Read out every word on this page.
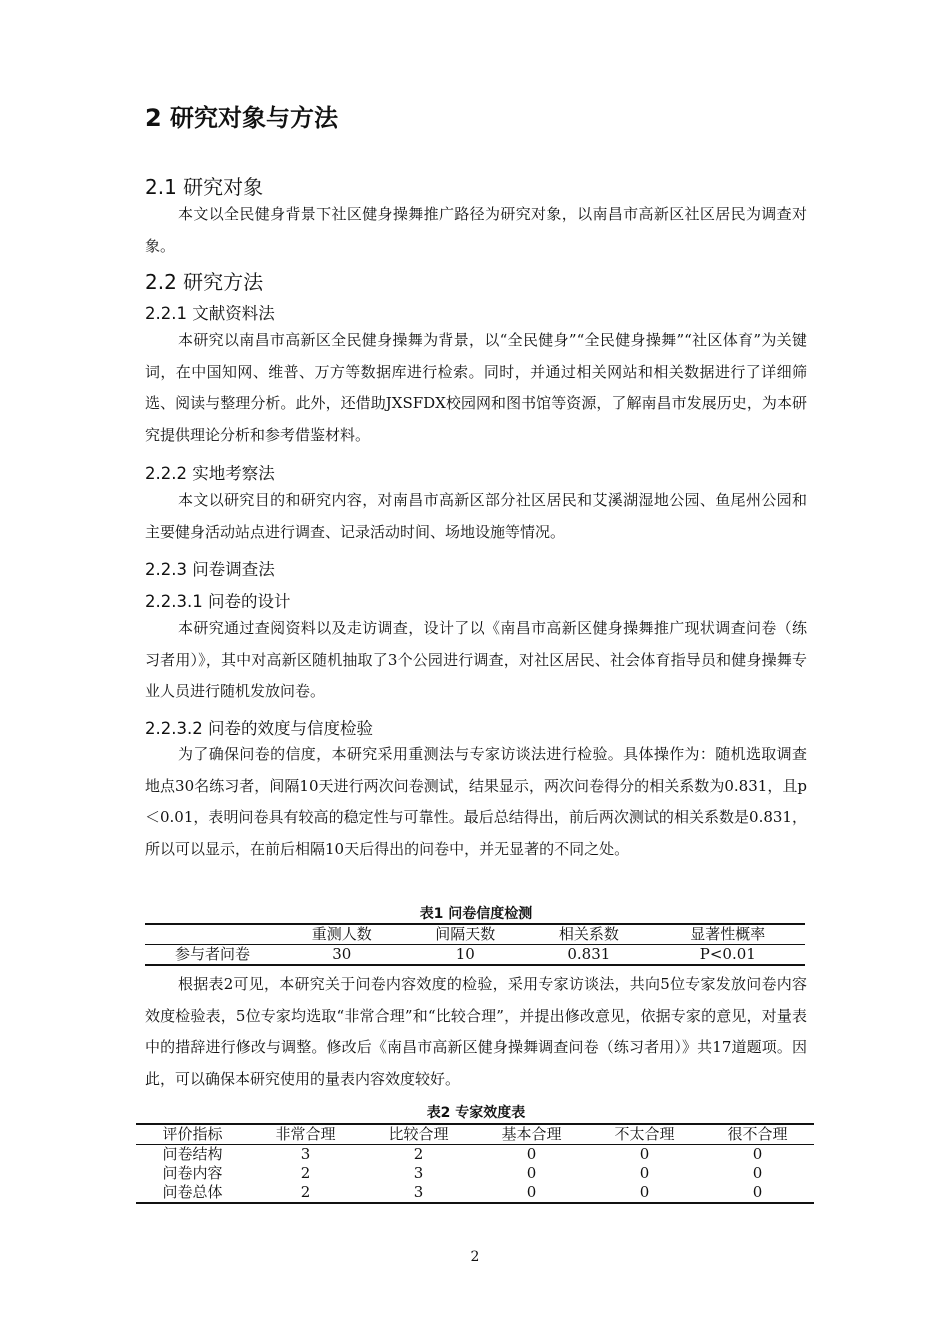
2 研究对象与方法
2.1 研究对象

本文以全民健身背景下社区健身操舞推广路径为研究对象，以南昌市高新区社区居民为调查对象。

2.2 研究方法
2.2.1 文献资料法

本研究以南昌市高新区全民健身操舞为背景，以“全民健身”“全民健身操舞”“社区体育”为关键词，在中国知网、维普、万方等数据库进行检索。同时，并通过相关网站和相关数据进行了详细筛选、阅读与整理分析。此外，还借助JXSFDX校园网和图书馆等资源，了解南昌市发展历史，为本研究提供理论分析和参考借鉴材料。

2.2.2 实地考察法

本文以研究目的和研究内容，对南昌市高新区部分社区居民和艾溪湖湿地公园、鱼尾州公园和主要健身活动站点进行调查、记录活动时间、场地设施等情况。

2.2.3 问卷调查法
2.2.3.1 问卷的设计

本研究通过查阅资料以及走访调查，设计了以《南昌市高新区健身操舞推广现状调查问卷（练习者用）》，其中对高新区随机抽取了3个公园进行调查，对社区居民、社会体育指导员和健身操舞专业人员进行随机发放问卷。

2.2.3.2 问卷的效度与信度检验

为了确保问卷的信度，本研究采用重测法与专家访谈法进行检验。具体操作为：随机选取调查地点30名练习者，间隔10天进行两次问卷测试，结果显示，两次问卷得分的相关系数为0.831，且p＜0.01，表明问卷具有较高的稳定性与可靠性。最后总结得出，前后两次测试的相关系数是0.831，所以可以显示，在前后相隔10天后得出的问卷中，并无显著的不同之处。

表1 问卷信度检测

	重测人数	间隔天数	相关系数	显著性概率
参与者问卷	30	10	0.831	P<0.01

根据表2可见，本研究关于问卷内容效度的检验，采用专家访谈法，共向5位专家发放问卷内容效度检验表，5位专家均选取“非常合理”和“比较合理”，并提出修改意见，依据专家的意见，对量表中的措辞进行修改与调整。修改后《南昌市高新区健身操舞调查问卷（练习者用）》共17道题项。因此，可以确保本研究使用的量表内容效度较好。

表2 专家效度表

评价指标	非常合理	比较合理	基本合理	不太合理	很不合理
问卷结构	3	2	0	0	0
问卷内容	2	3	0	0	0
问卷总体	2	3	0	0	0
2
